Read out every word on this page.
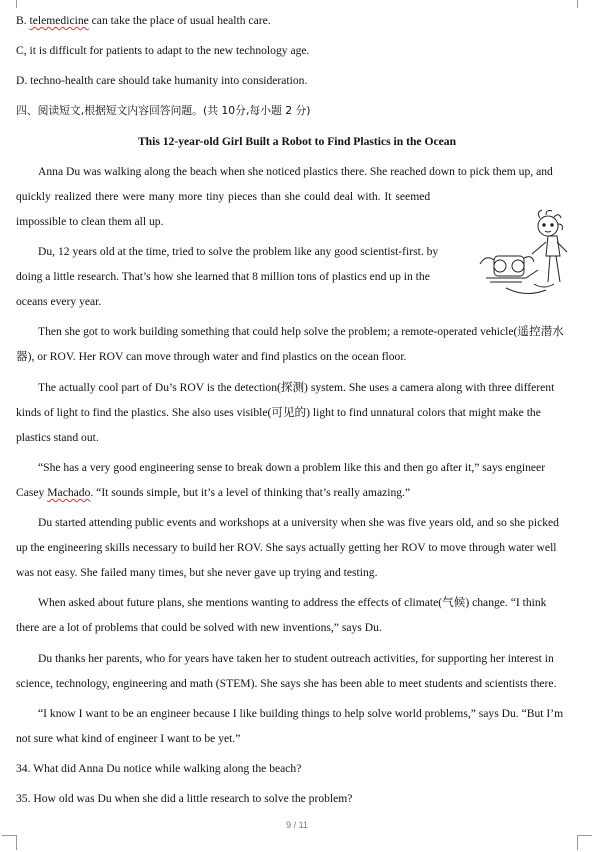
B. telemedicine can take the place of usual health care.
C, it is difficult for patients to adapt to the new technology age.
D. techno-health care should take humanity into consideration.
四、阅读短文,根据短文内容回答问题。(共 10分,每小题 2 分)
This 12-year-old Girl Built a Robot to Find Plastics in the Ocean
Anna Du was walking along the beach when she noticed plastics there. She reached down to pick them up, and
quickly realized there were many more tiny pieces than she could deal with. It seemed
impossible to clean them all up.
Du, 12 years old at the time, tried to solve the problem like any good scientist-first. by
doing a little research. That’s how she learned that 8 million tons of plastics end up in the
oceans every year.
Then she got to work building something that could help solve the problem; a remote-operated vehicle(遥控潜水
器), or ROV. Her ROV can move through water and find plastics on the ocean floor.
The actually cool part of Du’s ROV is the detection(探测) system. She uses a camera along with three different
kinds of light to find the plastics. She also uses visible(可见的) light to find unnatural colors that might make the
plastics stand out.
“She has a very good engineering sense to break down a problem like this and then go after it,” says engineer
Casey Machado. “It sounds simple, but it’s a level of thinking that’s really amazing.”
Du started attending public events and workshops at a university when she was five years old, and so she picked
up the engineering skills necessary to build her ROV. She says actually getting her ROV to move through water well
was not easy. She failed many times, but she never gave up trying and testing.
When asked about future plans, she mentions wanting to address the effects of climate(气候) change. “I think
there are a lot of problems that could be solved with new inventions,” says Du.
Du thanks her parents, who for years have taken her to student outreach activities, for supporting her interest in
science, technology, engineering and math (STEM). She says she has been able to meet students and scientists there.
“I know I want to be an engineer because I like building things to help solve world problems,” says Du. “But I’m
not sure what kind of engineer I want to be yet.”
34. What did Anna Du notice while walking along the beach?
35. How old was Du when she did a little research to solve the problem?
9 / 11
